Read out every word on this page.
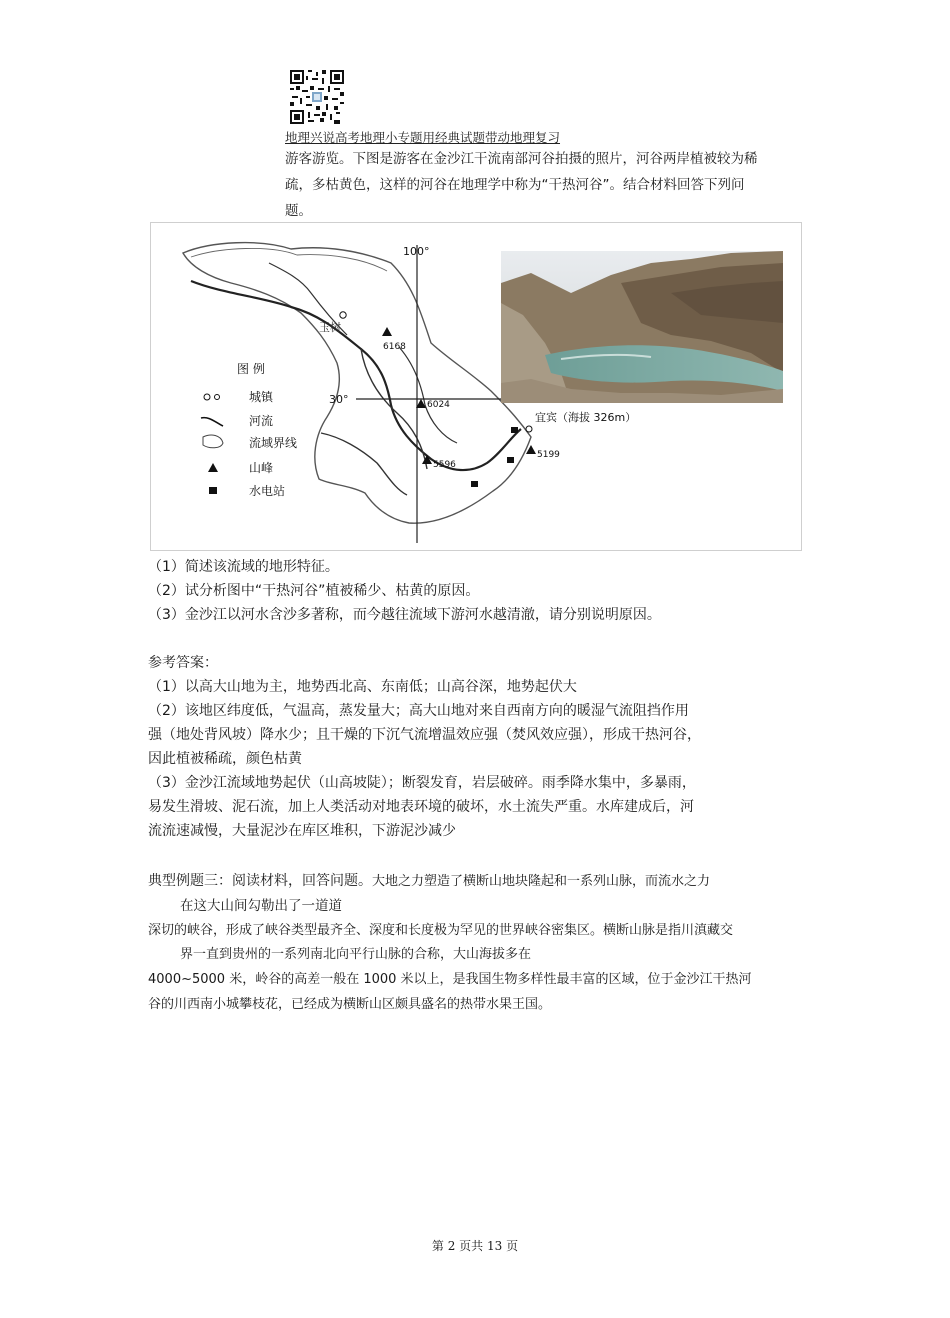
地理兴说高考地理小专题用经典试题带动地理复习
游客游览。下图是游客在金沙江干流南部河谷拍摄的照片，河谷两岸植被较为稀
疏，多枯黄色，这样的河谷在地理学中称为“干热河谷”。结合材料回答下列问
题。
100°
30°
玉树
6168
6024
5596
5199
宜宾（海拔 326m）
图 例
城镇
河流
流域界线
山峰
水电站
（1）简述该流域的地形特征。
（2）试分析图中“干热河谷”植被稀少、枯黄的原因。
（3）金沙江以河水含沙多著称，而今越往流域下游河水越清澈，请分别说明原因。
参考答案：
（1）以高大山地为主，地势西北高、东南低；山高谷深，地势起伏大
（2）该地区纬度低，气温高，蒸发量大；高大山地对来自西南方向的暖湿气流阻挡作用
强（地处背风坡）降水少；且干燥的下沉气流增温效应强（焚风效应强），形成干热河谷，
因此植被稀疏，颜色枯黄
（3）金沙江流域地势起伏（山高坡陡）；断裂发育，岩层破碎。雨季降水集中，多暴雨，
易发生滑坡、泥石流，加上人类活动对地表环境的破坏，水土流失严重。水库建成后，河
流流速减慢，大量泥沙在库区堆积，下游泥沙减少
典型例题三：阅读材料，回答问题。大地之力塑造了横断山地块隆起和一系列山脉，而流水之力
在这大山间勾勒出了一道道
深切的峡谷，形成了峡谷类型最齐全、深度和长度极为罕见的世界峡谷密集区。横断山脉是指川滇藏交
界一直到贵州的一系列南北向平行山脉的合称，大山海拔多在
4000~5000 米，岭谷的高差一般在 1000 米以上，是我国生物多样性最丰富的区域，位于金沙江干热河
谷的川西南小城攀枝花，已经成为横断山区颇具盛名的热带水果王国。
第 2 页共 13 页
